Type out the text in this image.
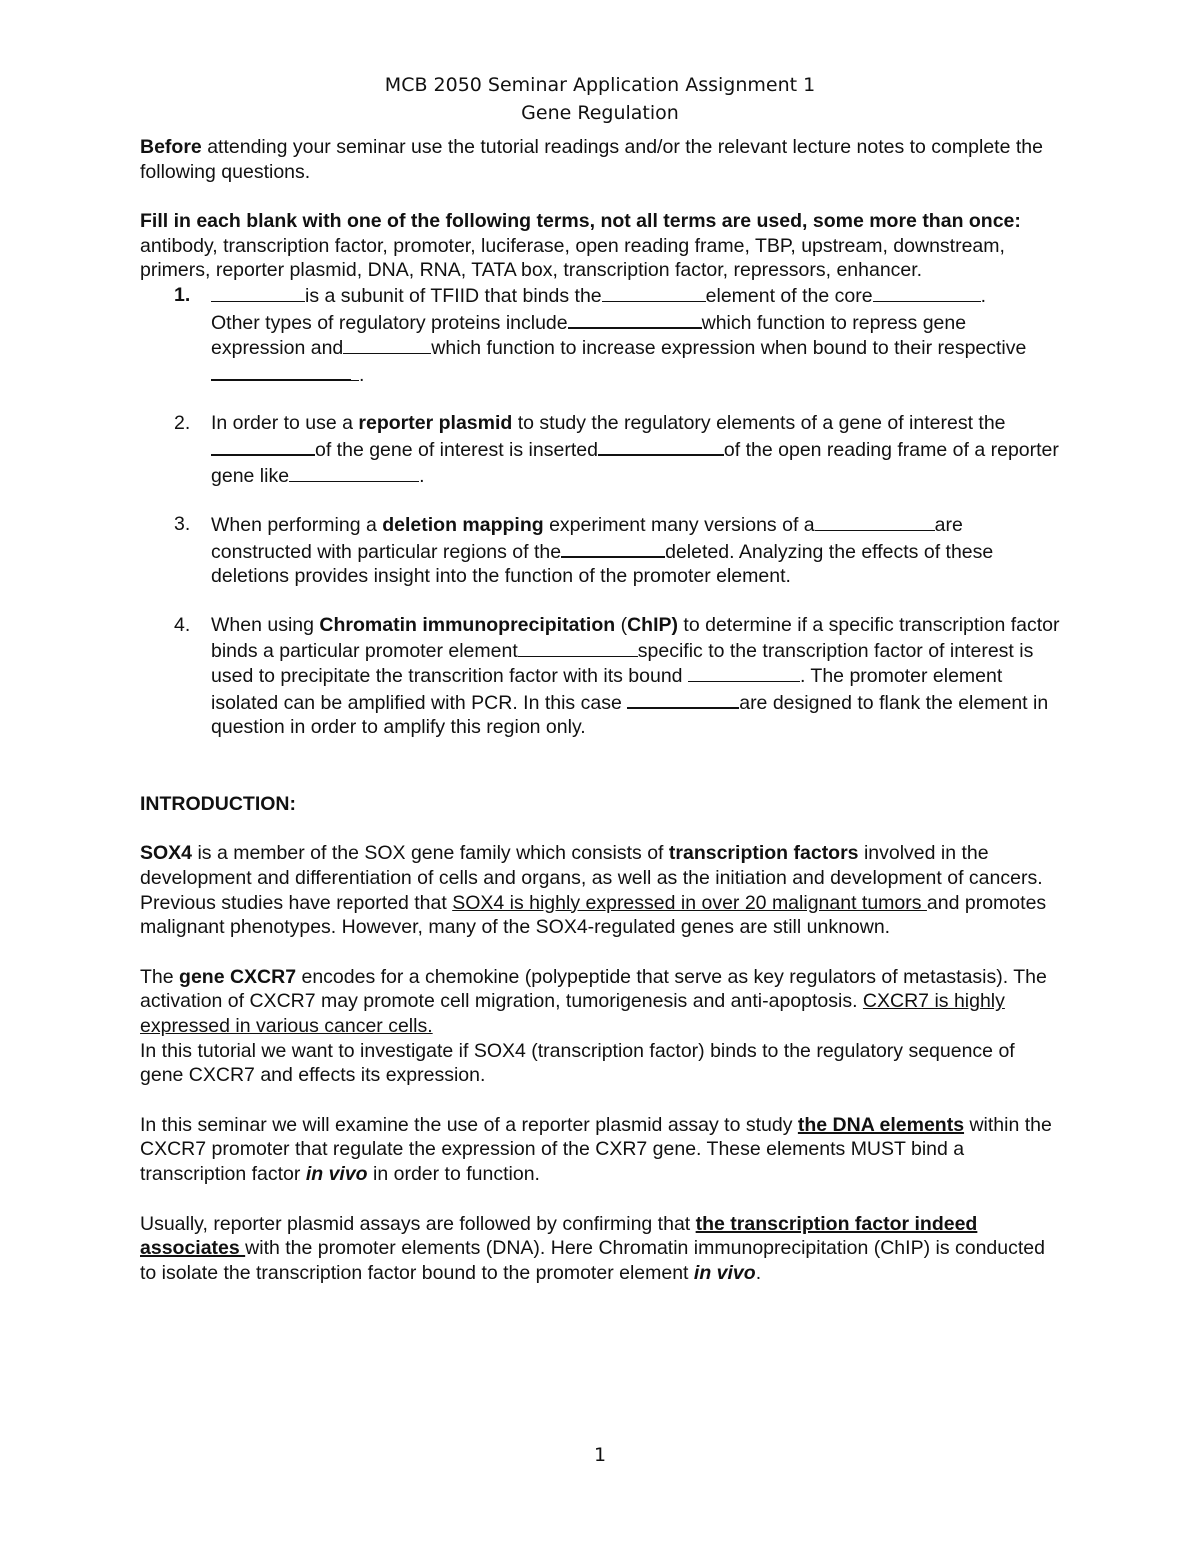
MCB 2050 Seminar Application Assignment 1
Gene Regulation

Before attending your seminar use the tutorial readings and/or the relevant lecture notes to complete the following questions.

Fill in each blank with one of the following terms, not all terms are used, some more than once: antibody, transcription factor, promoter, luciferase, open reading frame, TBP, upstream, downstream, primers, reporter plasmid, DNA, RNA, TATA box, transcription factor, repressors, enhancer.

1.	is a subunit of TFIID that binds the	element of the core	.
Other types of regulatory proteins include	which function to repress gene expression and	which function to increase expression when bound to their respective.
2. In order to use a reporter plasmid to study the regulatory elements of a gene of interest theof the gene of interest is inserted	of the open reading frame of a reporter gene like	.
3. When performing a deletion mapping experiment many versions of a	are constructed with particular regions of the	deleted. Analyzing the effects of these deletions provides insight into the function of the promoter element.
4. When using Chromatin immunoprecipitation (ChIP) to determine if a specific transcription factor binds a particular promoter element	specific to the transcription factor of interest is used to precipitate the transcrition factor with its bound	. The promoter element isolated can be amplified with PCR. In this case	are designed to flank the element in question in order to amplify this region only.

INTRODUCTION:

SOX4 is a member of the SOX gene family which consists of transcription factors involved in the development and differentiation of cells and organs, as well as the initiation and development of cancers. Previous studies have reported that SOX4 is highly expressed in over 20 malignant tumors and promotes malignant phenotypes. However, many of the SOX4-regulated genes are still unknown.

The gene CXCR7 encodes for a chemokine (polypeptide that serve as key regulators of metastasis). The activation of CXCR7 may promote cell migration, tumorigenesis and anti-apoptosis. CXCR7 is highly expressed in various cancer cells.
In this tutorial we want to investigate if SOX4 (transcription factor) binds to the regulatory sequence of gene CXCR7 and effects its expression.

In this seminar we will examine the use of a reporter plasmid assay to study the DNA elements within the CXCR7 promoter that regulate the expression of the CXR7 gene. These elements MUST bind a transcription factor in vivo in order to function.

Usually, reporter plasmid assays are followed by confirming that the transcription factor indeed associates with the promoter elements (DNA). Here Chromatin immunoprecipitation (ChIP) is conducted to isolate the transcription factor bound to the promoter element in vivo.

1
